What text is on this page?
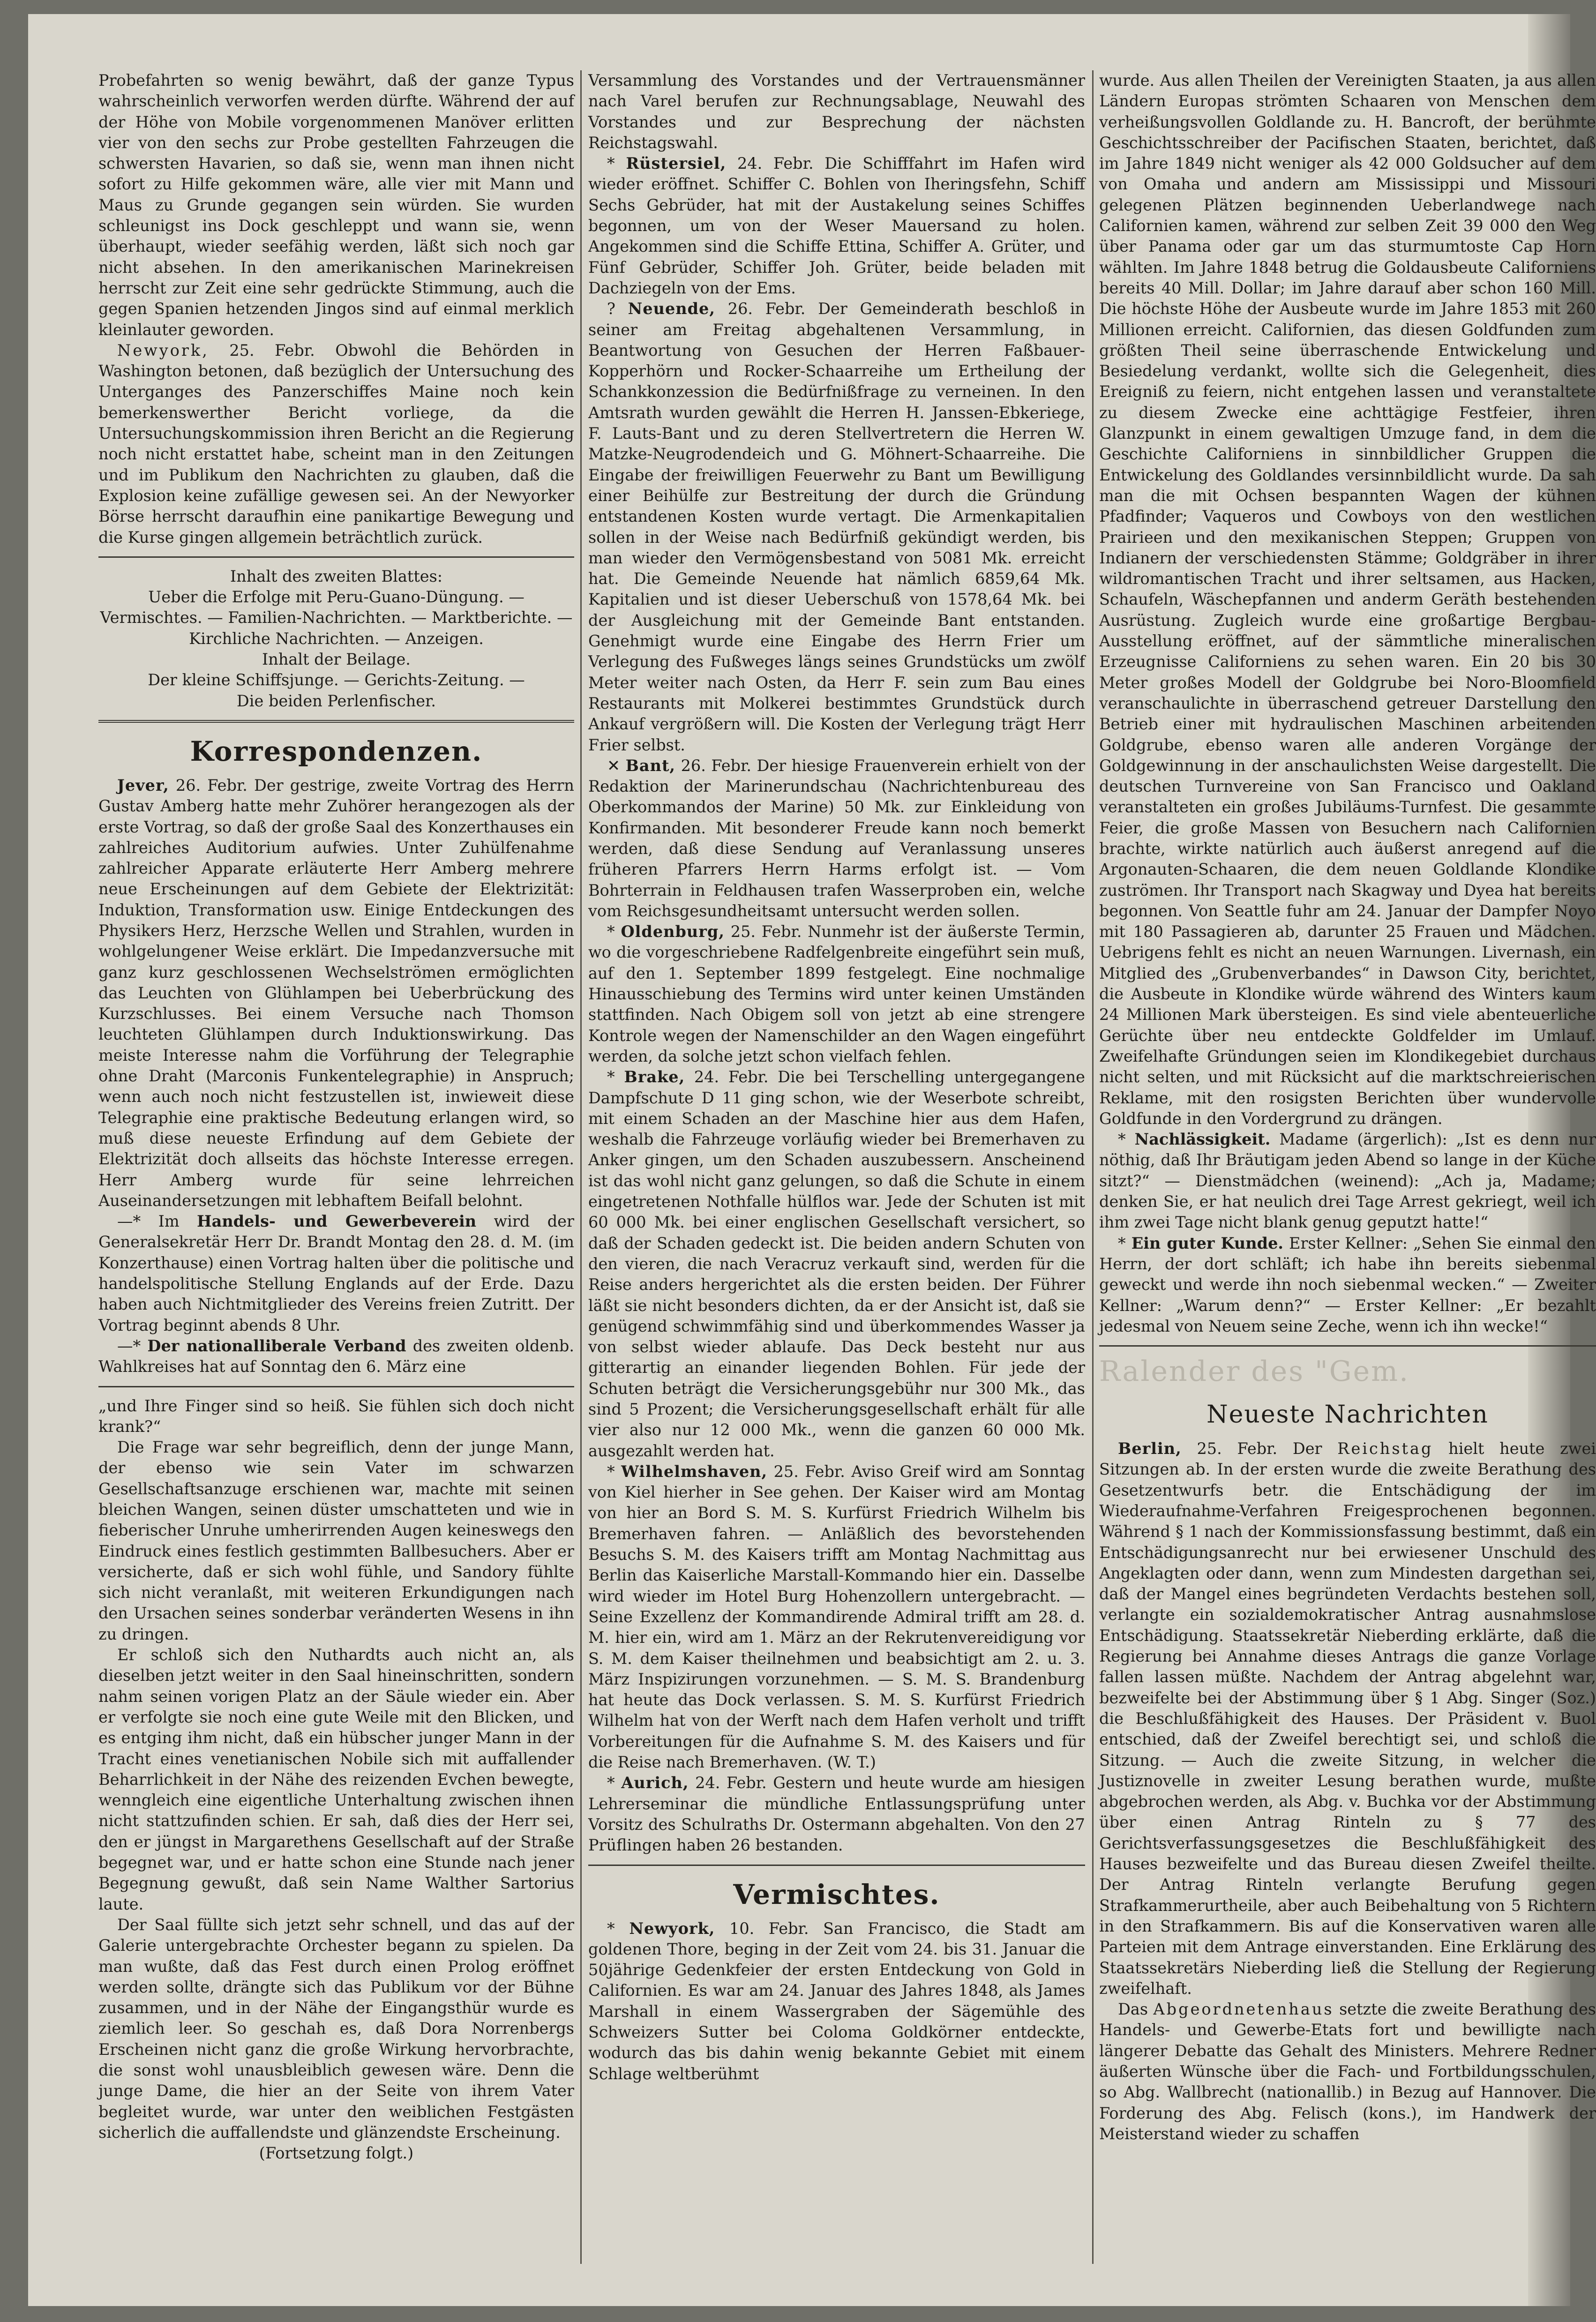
Probefahrten so wenig bewährt, daß der ganze Typus wahrscheinlich verworfen werden dürfte. Während der auf der Höhe von Mobile vorgenommenen Manöver erlitten vier von den sechs zur Probe gestellten Fahrzeugen die schwersten Havarien, so daß sie, wenn man ihnen nicht sofort zu Hilfe gekommen wäre, alle vier mit Mann und Maus zu Grunde gegangen sein würden. Sie wurden schleunigst ins Dock geschleppt und wann sie, wenn überhaupt, wieder seefähig werden, läßt sich noch gar nicht absehen. In den amerikanischen Marinekreisen herrscht zur Zeit eine sehr gedrückte Stimmung, auch die gegen Spanien hetzenden Jingos sind auf einmal merklich kleinlauter geworden.

Newyork, 25. Febr. Obwohl die Behörden in Washington betonen, daß bezüglich der Untersuchung des Unterganges des Panzerschiffes Maine noch kein bemerkenswerther Bericht vorliege, da die Untersuchungskommission ihren Bericht an die Regierung noch nicht erstattet habe, scheint man in den Zeitungen und im Publikum den Nachrichten zu glauben, daß die Explosion keine zufällige gewesen sei. An der Newyorker Börse herrscht daraufhin eine panikartige Bewegung und die Kurse gingen allgemein beträchtlich zurück.

Inhalt des zweiten Blattes:

Ueber die Erfolge mit Peru-Guano-Düngung. —

Vermischtes. — Familien-Nachrichten. — Marktberichte. —

Kirchliche Nachrichten. — Anzeigen.

Inhalt der Beilage.

Der kleine Schiffsjunge. — Gerichts-Zeitung. —

Die beiden Perlenfischer.

Korrespondenzen.

Jever, 26. Febr. Der gestrige, zweite Vortrag des Herrn Gustav Amberg hatte mehr Zuhörer herangezogen als der erste Vortrag, so daß der große Saal des Konzerthauses ein zahlreiches Auditorium aufwies. Unter Zuhülfenahme zahlreicher Apparate erläuterte Herr Amberg mehrere neue Erscheinungen auf dem Gebiete der Elektrizität: Induktion, Transformation usw. Einige Entdeckungen des Physikers Herz, Herzsche Wellen und Strahlen, wurden in wohlgelungener Weise erklärt. Die Impedanzversuche mit ganz kurz geschlossenen Wechselströmen ermöglichten das Leuchten von Glühlampen bei Ueberbrückung des Kurzschlusses. Bei einem Versuche nach Thomson leuchteten Glühlampen durch Induktionswirkung. Das meiste Interesse nahm die Vorführung der Telegraphie ohne Draht (Marconis Funkentelegraphie) in Anspruch; wenn auch noch nicht festzustellen ist, inwieweit diese Telegraphie eine praktische Bedeutung erlangen wird, so muß diese neueste Erfindung auf dem Gebiete der Elektrizität doch allseits das höchste Interesse erregen. Herr Amberg wurde für seine lehrreichen Auseinandersetzungen mit lebhaftem Beifall belohnt.

—* Im Handels- und Gewerbeverein wird der Generalsekretär Herr Dr. Brandt Montag den 28. d. M. (im Konzerthause) einen Vortrag halten über die politische und handelspolitische Stellung Englands auf der Erde. Dazu haben auch Nichtmitglieder des Vereins freien Zutritt. Der Vortrag beginnt abends 8 Uhr.

—* Der nationalliberale Verband des zweiten oldenb. Wahlkreises hat auf Sonntag den 6. März eine

„und Ihre Finger sind so heiß. Sie fühlen sich doch nicht krank?“

Die Frage war sehr begreiflich, denn der junge Mann, der ebenso wie sein Vater im schwarzen Gesellschaftsanzuge erschienen war, machte mit seinen bleichen Wangen, seinen düster umschatteten und wie in fieberischer Unruhe umherirrenden Augen keineswegs den Eindruck eines festlich gestimmten Ballbesuchers. Aber er versicherte, daß er sich wohl fühle, und Sandory fühlte sich nicht veranlaßt, mit weiteren Erkundigungen nach den Ursachen seines sonderbar veränderten Wesens in ihn zu dringen.

Er schloß sich den Nuthardts auch nicht an, als dieselben jetzt weiter in den Saal hineinschritten, sondern nahm seinen vorigen Platz an der Säule wieder ein. Aber er verfolgte sie noch eine gute Weile mit den Blicken, und es entging ihm nicht, daß ein hübscher junger Mann in der Tracht eines venetianischen Nobile sich mit auffallender Beharrlichkeit in der Nähe des reizenden Evchen bewegte, wenngleich eine eigentliche Unterhaltung zwischen ihnen nicht stattzufinden schien. Er sah, daß dies der Herr sei, den er jüngst in Margarethens Gesellschaft auf der Straße begegnet war, und er hatte schon eine Stunde nach jener Begegnung gewußt, daß sein Name Walther Sartorius laute.

Der Saal füllte sich jetzt sehr schnell, und das auf der Galerie untergebrachte Orchester begann zu spielen. Da man wußte, daß das Fest durch einen Prolog eröffnet werden sollte, drängte sich das Publikum vor der Bühne zusammen, und in der Nähe der Eingangsthür wurde es ziemlich leer. So geschah es, daß Dora Norrenbergs Erscheinen nicht ganz die große Wirkung hervorbrachte, die sonst wohl unausbleiblich gewesen wäre. Denn die junge Dame, die hier an der Seite von ihrem Vater begleitet wurde, war unter den weiblichen Festgästen sicherlich die auffallendste und glänzendste Erscheinung.

(Fortsetzung folgt.)

Versammlung des Vorstandes und der Vertrauensmänner nach Varel berufen zur Rechnungsablage, Neuwahl des Vorstandes und zur Besprechung der nächsten Reichstagswahl.

* Rüstersiel, 24. Febr. Die Schifffahrt im Hafen wird wieder eröffnet. Schiffer C. Bohlen von Iheringsfehn, Schiff Sechs Gebrüder, hat mit der Austakelung seines Schiffes begonnen, um von der Weser Mauersand zu holen. Angekommen sind die Schiffe Ettina, Schiffer A. Grüter, und Fünf Gebrüder, Schiffer Joh. Grüter, beide beladen mit Dachziegeln von der Ems.

? Neuende, 26. Febr. Der Gemeinderath beschloß in seiner am Freitag abgehaltenen Versammlung, in Beantwortung von Gesuchen der Herren Faßbauer-Kopperhörn und Rocker-Schaarreihe um Ertheilung der Schankkonzession die Bedürfnißfrage zu verneinen. In den Amtsrath wurden gewählt die Herren H. Janssen-Ebkeriege, F. Lauts-Bant und zu deren Stellvertretern die Herren W. Matzke-Neugrodendeich und G. Möhnert-Schaarreihe. Die Eingabe der freiwilligen Feuerwehr zu Bant um Bewilligung einer Beihülfe zur Bestreitung der durch die Gründung entstandenen Kosten wurde vertagt. Die Armenkapitalien sollen in der Weise nach Bedürfniß gekündigt werden, bis man wieder den Vermögensbestand von 5081 Mk. erreicht hat. Die Gemeinde Neuende hat nämlich 6859,64 Mk. Kapitalien und ist dieser Ueberschuß von 1578,64 Mk. bei der Ausgleichung mit der Gemeinde Bant entstanden. Genehmigt wurde eine Eingabe des Herrn Frier um Verlegung des Fußweges längs seines Grundstücks um zwölf Meter weiter nach Osten, da Herr F. sein zum Bau eines Restaurants mit Molkerei bestimmtes Grundstück durch Ankauf vergrößern will. Die Kosten der Verlegung trägt Herr Frier selbst.

✕ Bant, 26. Febr. Der hiesige Frauenverein erhielt von der Redaktion der Marinerundschau (Nachrichtenbureau des Oberkommandos der Marine) 50 Mk. zur Einkleidung von Konfirmanden. Mit besonderer Freude kann noch bemerkt werden, daß diese Sendung auf Veranlassung unseres früheren Pfarrers Herrn Harms erfolgt ist. — Vom Bohrterrain in Feldhausen trafen Wasserproben ein, welche vom Reichsgesundheitsamt untersucht werden sollen.

* Oldenburg, 25. Febr. Nunmehr ist der äußerste Termin, wo die vorgeschriebene Radfelgenbreite eingeführt sein muß, auf den 1. September 1899 festgelegt. Eine nochmalige Hinausschiebung des Termins wird unter keinen Umständen stattfinden. Nach Obigem soll von jetzt ab eine strengere Kontrole wegen der Namenschilder an den Wagen eingeführt werden, da solche jetzt schon vielfach fehlen.

* Brake, 24. Febr. Die bei Terschelling untergegangene Dampfschute D 11 ging schon, wie der Weserbote schreibt, mit einem Schaden an der Maschine hier aus dem Hafen, weshalb die Fahrzeuge vorläufig wieder bei Bremerhaven zu Anker gingen, um den Schaden auszubessern. Anscheinend ist das wohl nicht ganz gelungen, so daß die Schute in einem eingetretenen Nothfalle hülflos war. Jede der Schuten ist mit 60 000 Mk. bei einer englischen Gesellschaft versichert, so daß der Schaden gedeckt ist. Die beiden andern Schuten von den vieren, die nach Veracruz verkauft sind, werden für die Reise anders hergerichtet als die ersten beiden. Der Führer läßt sie nicht besonders dichten, da er der Ansicht ist, daß sie genügend schwimmfähig sind und überkommendes Wasser ja von selbst wieder ablaufe. Das Deck besteht nur aus gitterartig an einander liegenden Bohlen. Für jede der Schuten beträgt die Versicherungsgebühr nur 300 Mk., das sind 5 Prozent; die Versicherungsgesellschaft erhält für alle vier also nur 12 000 Mk., wenn die ganzen 60 000 Mk. ausgezahlt werden hat.

* Wilhelmshaven, 25. Febr. Aviso Greif wird am Sonntag von Kiel hierher in See gehen. Der Kaiser wird am Montag von hier an Bord S. M. S. Kurfürst Friedrich Wilhelm bis Bremerhaven fahren. — Anläßlich des bevorstehenden Besuchs S. M. des Kaisers trifft am Montag Nachmittag aus Berlin das Kaiserliche Marstall-Kommando hier ein. Dasselbe wird wieder im Hotel Burg Hohenzollern untergebracht. — Seine Exzellenz der Kommandirende Admiral trifft am 28. d. M. hier ein, wird am 1. März an der Rekrutenvereidigung vor S. M. dem Kaiser theilnehmen und beabsichtigt am 2. u. 3. März Inspizirungen vorzunehmen. — S. M. S. Brandenburg hat heute das Dock verlassen. S. M. S. Kurfürst Friedrich Wilhelm hat von der Werft nach dem Hafen verholt und trifft Vorbereitungen für die Aufnahme S. M. des Kaisers und für die Reise nach Bremerhaven. (W. T.)

* Aurich, 24. Febr. Gestern und heute wurde am hiesigen Lehrerseminar die mündliche Entlassungsprüfung unter Vorsitz des Schulraths Dr. Ostermann abgehalten. Von den 27 Prüflingen haben 26 bestanden.

Vermischtes.

* Newyork, 10. Febr. San Francisco, die Stadt am goldenen Thore, beging in der Zeit vom 24. bis 31. Januar die 50jährige Gedenkfeier der ersten Entdeckung von Gold in Californien. Es war am 24. Januar des Jahres 1848, als James Marshall in einem Wassergraben der Sägemühle des Schweizers Sutter bei Coloma Goldkörner entdeckte, wodurch das bis dahin wenig bekannte Gebiet mit einem Schlage weltberühmt

wurde. Aus allen Theilen der Vereinigten Staaten, ja aus allen Ländern Europas strömten Schaaren von Menschen dem verheißungsvollen Goldlande zu. H. Bancroft, der berühmte Geschichtsschreiber der Pacifischen Staaten, berichtet, daß im Jahre 1849 nicht weniger als 42 000 Goldsucher auf dem von Omaha und andern am Mississippi und Missouri gelegenen Plätzen beginnenden Ueberlandwege nach Californien kamen, während zur selben Zeit 39 000 den Weg über Panama oder gar um das sturmumtoste Cap Horn wählten. Im Jahre 1848 betrug die Goldausbeute Californiens bereits 40 Mill. Dollar; im Jahre darauf aber schon 160 Mill. Die höchste Höhe der Ausbeute wurde im Jahre 1853 mit 260 Millionen erreicht. Californien, das diesen Goldfunden zum größten Theil seine überraschende Entwickelung und Besiedelung verdankt, wollte sich die Gelegenheit, dies Ereigniß zu feiern, nicht entgehen lassen und veranstaltete zu diesem Zwecke eine achttägige Festfeier, ihren Glanzpunkt in einem gewaltigen Umzuge fand, in dem die Geschichte Californiens in sinnbildlicher Gruppen die Entwickelung des Goldlandes versinnbildlicht wurde. Da sah man die mit Ochsen bespannten Wagen der kühnen Pfadfinder; Vaqueros und Cowboys von den westlichen Prairieen und den mexikanischen Steppen; Gruppen von Indianern der verschiedensten Stämme; Goldgräber in ihrer wildromantischen Tracht und ihrer seltsamen, aus Hacken, Schaufeln, Wäschepfannen und anderm Geräth bestehenden Ausrüstung. Zugleich wurde eine großartige Bergbau-Ausstellung eröffnet, auf der sämmtliche mineralischen Erzeugnisse Californiens zu sehen waren. Ein 20 bis 30 Meter großes Modell der Goldgrube bei Noro-Bloomfield veranschaulichte in überraschend getreuer Darstellung den Betrieb einer mit hydraulischen Maschinen arbeitenden Goldgrube, ebenso waren alle anderen Vorgänge der Goldgewinnung in der anschaulichsten Weise dargestellt. Die deutschen Turnvereine von San Francisco und Oakland veranstalteten ein großes Jubiläums-Turnfest. Die gesammte Feier, die große Massen von Besuchern nach Californien brachte, wirkte natürlich auch äußerst anregend auf die Argonauten-Schaaren, die dem neuen Goldlande Klondike zuströmen. Ihr Transport nach Skagway und Dyea hat bereits begonnen. Von Seattle fuhr am 24. Januar der Dampfer Noyo mit 180 Passagieren ab, darunter 25 Frauen und Mädchen. Uebrigens fehlt es nicht an neuen Warnungen. Livernash, ein Mitglied des „Grubenverbandes“ in Dawson City, berichtet, die Ausbeute in Klondike würde während des Winters kaum 24 Millionen Mark übersteigen. Es sind viele abenteuerliche Gerüchte über neu entdeckte Goldfelder im Umlauf. Zweifelhafte Gründungen seien im Klondikegebiet durchaus nicht selten, und mit Rücksicht auf die marktschreierischen Reklame, mit den rosigsten Berichten über wundervolle Goldfunde in den Vordergrund zu drängen.

* Nachlässigkeit. Madame (ärgerlich): „Ist es denn nur nöthig, daß Ihr Bräutigam jeden Abend so lange in der Küche sitzt?“ — Dienstmädchen (weinend): „Ach ja, Madame; denken Sie, er hat neulich drei Tage Arrest gekriegt, weil ich ihm zwei Tage nicht blank genug geputzt hatte!“

* Ein guter Kunde. Erster Kellner: „Sehen Sie einmal den Herrn, der dort schläft; ich habe ihn bereits siebenmal geweckt und werde ihn noch siebenmal wecken.“ — Zweiter Kellner: „Warum denn?“ — Erster Kellner: „Er bezahlt jedesmal von Neuem seine Zeche, wenn ich ihn wecke!“

Ralender des "Gem.

Neueste Nachrichten

Berlin, 25. Febr. Der Reichstag hielt heute zwei Sitzungen ab. In der ersten wurde die zweite Berathung des Gesetzentwurfs betr. die Entschädigung der im Wiederaufnahme-Verfahren Freigesprochenen begonnen. Während § 1 nach der Kommissionsfassung bestimmt, daß ein Entschädigungsanrecht nur bei erwiesener Unschuld des Angeklagten oder dann, wenn zum Mindesten dargethan sei, daß der Mangel eines begründeten Verdachts bestehen soll, verlangte ein sozialdemokratischer Antrag ausnahmslose Entschädigung. Staatssekretär Nieberding erklärte, daß die Regierung bei Annahme dieses Antrags die ganze Vorlage fallen lassen müßte. Nachdem der Antrag abgelehnt war, bezweifelte bei der Abstimmung über § 1 Abg. Singer (Soz.) die Beschlußfähigkeit des Hauses. Der Präsident v. Buol entschied, daß der Zweifel berechtigt sei, und schloß die Sitzung. — Auch die zweite Sitzung, in welcher die Justiznovelle in zweiter Lesung berathen wurde, mußte abgebrochen werden, als Abg. v. Buchka vor der Abstimmung über einen Antrag Rinteln zu § 77 des Gerichtsverfassungsgesetzes die Beschlußfähigkeit des Hauses bezweifelte und das Bureau diesen Zweifel theilte. Der Antrag Rinteln verlangte Berufung gegen Strafkammerurtheile, aber auch Beibehaltung von 5 Richtern in den Strafkammern. Bis auf die Konservativen waren alle Parteien mit dem Antrage einverstanden. Eine Erklärung des Staatssekretärs Nieberding ließ die Stellung der Regierung zweifelhaft.

Das Abgeordnetenhaus setzte die zweite Berathung des Handels- und Gewerbe-Etats fort und bewilligte nach längerer Debatte das Gehalt des Ministers. Mehrere Redner äußerten Wünsche über die Fach- und Fortbildungsschulen, so Abg. Wallbrecht (nationallib.) in Bezug auf Hannover. Die Forderung des Abg. Felisch (kons.), im Handwerk der Meisterstand wieder zu schaffen
